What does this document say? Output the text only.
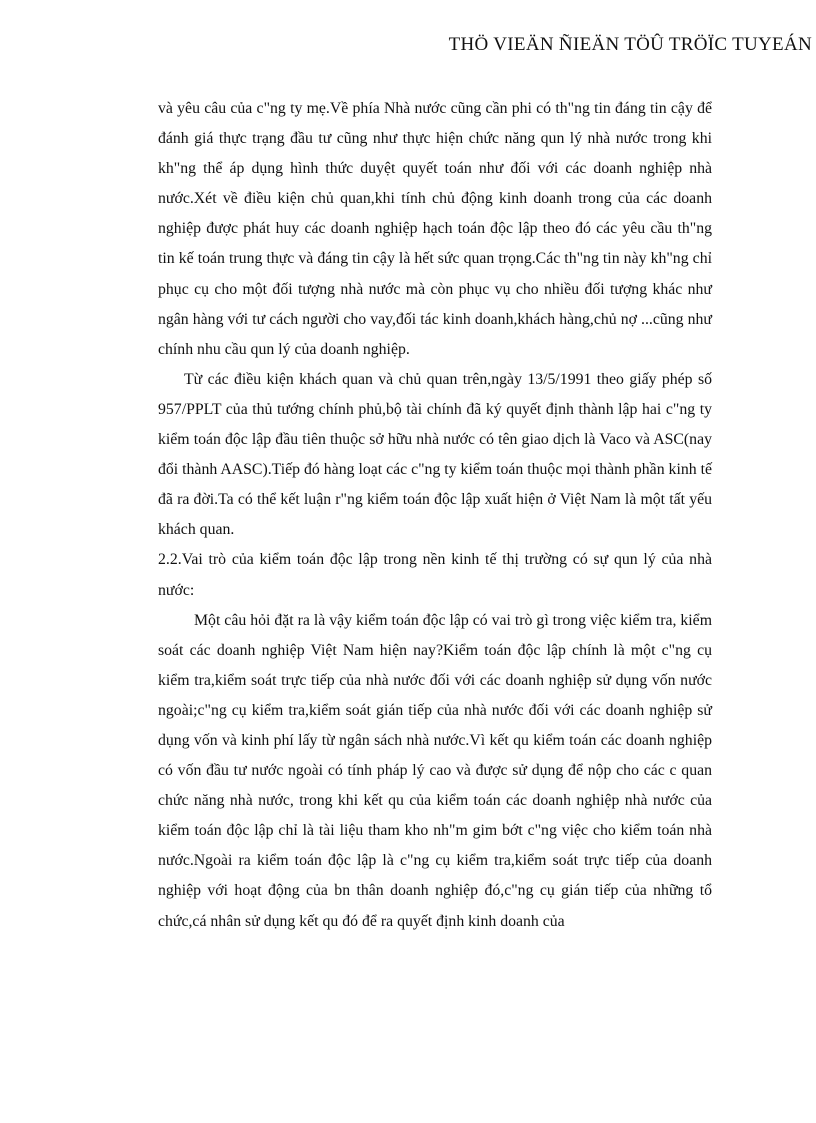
THÖ VIEÄN ÑIEÄN TÖÛ TRÖÏC TUYEÁN

và yêu câu của c"ng ty mẹ.Về phía Nhà nước cũng cần phi có th"ng tin đáng tin cậy để đánh giá thực trạng đầu tư cũng như thực hiện chức năng qun lý nhà nước trong khi kh"ng thể áp dụng hình thức duyệt quyết toán như đối với các doanh nghiệp nhà nước.Xét về điều kiện chủ quan,khi tính chủ động kinh doanh trong của các doanh nghiệp được phát huy các doanh nghiệp hạch toán độc lập theo đó các yêu cầu th"ng tin kế toán trung thực và đáng tin cậy là hết sức quan trọng.Các th"ng tin này kh"ng chỉ phục cụ cho một đối tượng nhà nước mà còn phục vụ cho nhiều đối tượng khác như ngân hàng với tư cách người cho vay,đối tác kinh doanh,khách hàng,chủ nợ ...cũng như chính nhu cầu qun lý của doanh nghiệp.

Từ các điều kiện khách quan và chủ quan trên,ngày 13/5/1991 theo giấy phép số 957/PPLT của thủ tướng chính phủ,bộ tài chính đã ký quyết định thành lập hai c"ng ty kiểm toán độc lập đầu tiên thuộc sở hữu nhà nước có tên giao dịch là Vaco và ASC(nay đổi thành AASC).Tiếp đó hàng loạt các c"ng ty kiểm toán thuộc mọi thành phần kinh tế đã ra đời.Ta có thể kết luận r"ng kiểm toán độc lập xuất hiện ở Việt Nam là một tất yếu khách quan.

2.2.Vai trò của kiểm toán độc lập trong nền kinh tế thị trường có sự qun lý của nhà nước:

Một câu hỏi đặt ra là vậy kiểm toán độc lập có vai trò gì trong việc kiểm tra, kiểm soát các doanh nghiệp Việt Nam hiện nay?Kiểm toán độc lập chính là một c"ng cụ kiểm tra,kiểm soát trực tiếp của nhà nước đối với các doanh nghiệp sử dụng vốn nước ngoài;c"ng cụ kiểm tra,kiểm soát gián tiếp của nhà nước đối với các doanh nghiệp sử dụng vốn và kinh phí lấy từ ngân sách nhà nước.Vì kết qu kiểm toán các doanh nghiệp có vốn đầu tư nước ngoài có tính pháp lý cao và được sử dụng để nộp cho các c quan chức năng nhà nước, trong khi kết qu của kiểm toán các doanh nghiệp nhà nước của kiểm toán độc lập chỉ là tài liệu tham kho nh"m gim bớt c"ng việc cho kiểm toán nhà nước.Ngoài ra kiểm toán độc lập là c"ng cụ kiểm tra,kiểm soát trực tiếp của doanh nghiệp với hoạt động của bn thân doanh nghiệp đó,c"ng cụ gián tiếp của những tổ chức,cá nhân sử dụng kết qu đó để ra quyết định kinh doanh của
